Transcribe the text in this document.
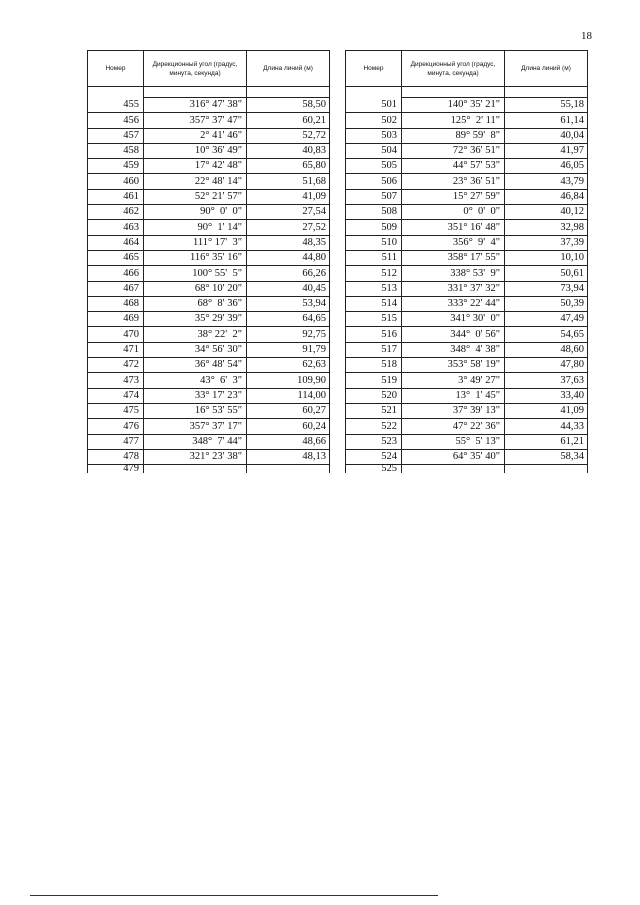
18
Номер	Дирекционный угол (градус, минута, секунда)	Длина линий (м)

455	316° 47' 38"	58,50
456	357° 37' 47"	60,21
457	2° 41' 46"	52,72
458	10° 36' 49"	40,83
459	17° 42' 48"	65,80
460	22° 48' 14"	51,68
461	52° 21' 57"	41,09
462	90°  0'  0"	27,54
463	90°  1' 14"	27,52
464	111° 17'  3"	48,35
465	116° 35' 16"	44,80
466	100° 55'  5"	66,26
467	68° 10' 20"	40,45
468	68°  8' 36"	53,94
469	35° 29' 39"	64,65
470	38° 22'  2"	92,75
471	34° 56' 30"	91,79
472	36° 48' 54"	62,63
473	43°  6'  3"	109,90
474	33° 17' 23"	114,00
475	16° 53' 55"	60,27
476	357° 37' 17"	60,24
477	348°  7' 44"	48,66
478	321° 23' 38"	48,13
479		
Номер	Дирекционный угол (градус, минута, секунда)	Длина линий (м)

501	140° 35' 21"	55,18
502	125°  2' 11"	61,14
503	89° 59'  8"	40,04
504	72° 36' 51"	41,97
505	44° 57' 53"	46,05
506	23° 36' 51"	43,79
507	15° 27' 59"	46,84
508	0°  0'  0"	40,12
509	351° 16' 48"	32,98
510	356°  9'  4"	37,39
511	358° 17' 55"	10,10
512	338° 53'  9"	50,61
513	331° 37' 32"	73,94
514	333° 22' 44"	50,39
515	341° 30'  0"	47,49
516	344°  0' 56"	54,65
517	348°  4' 38"	48,60
518	353° 58' 19"	47,80
519	3° 49' 27"	37,63
520	13°  1' 45"	33,40
521	37° 39' 13"	41,09
522	47° 22' 36"	44,33
523	55°  5' 13"	61,21
524	64° 35' 40"	58,34
525		
